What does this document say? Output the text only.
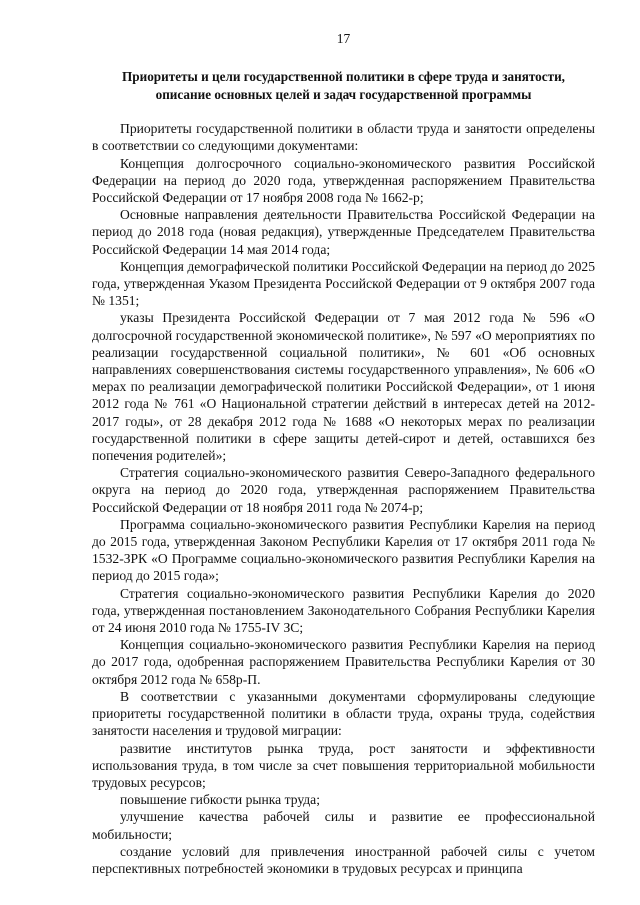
17
Приоритеты и цели государственной политики в сфере труда и занятости,
описание основных целей и задач государственной программы

Приоритеты государственной политики в области труда и занятости определены в соответствии со следующими документами:

Концепция долгосрочного социально-экономического развития Российской Федерации на период до 2020 года, утвержденная распоряжением Правительства Российской Федерации от 17 ноября 2008 года № 1662-р;

Основные направления деятельности Правительства Российской Федерации на период до 2018 года (новая редакция), утвержденные Председателем Правительства Российской Федерации 14 мая 2014 года;

Концепция демографической политики Российской Федерации на период до 2025 года, утвержденная Указом Президента Российской Федерации от 9 октября 2007 года № 1351;

указы Президента Российской Федерации от 7 мая 2012 года № 596 «О долгосрочной государственной экономической политике», № 597 «О мероприятиях по реализации государственной социальной политики», № 601 «Об основных направлениях совершенствования системы государственного управления», № 606 «О мерах по реализации демографической политики Российской Федерации», от 1 июня 2012 года № 761 «О Национальной стратегии действий в интересах детей на 2012-2017 годы», от 28 декабря 2012 года № 1688 «О некоторых мерах по реализации государственной политики в сфере защиты детей-сирот и детей, оставшихся без попечения родителей»;

Стратегия социально-экономического развития Северо-Западного федерального округа на период до 2020 года, утвержденная распоряжением Правительства Российской Федерации от 18 ноября 2011 года № 2074-р;

Программа социально-экономического развития Республики Карелия на период до 2015 года, утвержденная Законом Республики Карелия от 17 октября 2011 года № 1532-ЗРК «О Программе социально-экономического развития Республики Карелия на период до 2015 года»;

Стратегия социально-экономического развития Республики Карелия до 2020 года, утвержденная постановлением Законодательного Собрания Республики Карелия от 24 июня 2010 года № 1755-IV ЗС;

Концепция социально-экономического развития Республики Карелия на период до 2017 года, одобренная распоряжением Правительства Республики Карелия от 30 октября 2012 года № 658р-П.

В соответствии с указанными документами сформулированы следующие приоритеты государственной политики в области труда, охраны труда, содействия занятости населения и трудовой миграции:

развитие институтов рынка труда, рост занятости и эффективности использования труда, в том числе за счет повышения территориальной мобильности трудовых ресурсов;

повышение гибкости рынка труда;

улучшение качества рабочей силы и развитие ее профессиональной мобильности;

создание условий для привлечения иностранной рабочей силы с учетом перспективных потребностей экономики в трудовых ресурсах и принципа
